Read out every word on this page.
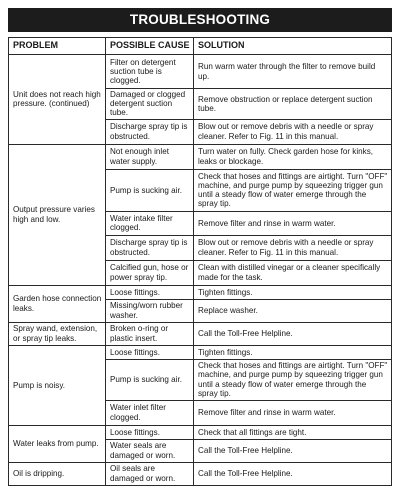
TROUBLESHOOTING
PROBLEM	POSSIBLE CAUSE	SOLUTION
Unit does not reach high pressure. (continued)	Filter on detergent suction tube is clogged.	Run warm water through the filter to remove build up.
	Damaged or clogged detergent suction tube.	Remove obstruction or replace detergent suction tube.
	Discharge spray tip is obstructed.	Blow out or remove debris with a needle or spray cleaner. Refer to Fig. 11 in this manual.
Output pressure varies high and low.	Not enough inlet water supply.	Turn water on fully. Check garden hose for kinks, leaks or blockage.
	Pump is sucking air.	Check that hoses and fittings are airtight. Turn "OFF" machine, and purge pump by squeezing trigger gun until a steady flow of water emerge through the spray tip.
	Water intake filter clogged.	Remove filter and rinse in warm water.
	Discharge spray tip is obstructed.	Blow out or remove debris with a needle or spray cleaner. Refer to Fig. 11 in this manual.
	Calcified gun, hose or power spray tip.	Clean with distilled vinegar or a cleaner specifically made for the task.
Garden hose connection leaks.	Loose fittings.	Tighten fittings.
	Missing/worn rubber washer.	Replace washer.
Spray wand, extension, or spray tip leaks.	Broken o-ring or plastic insert.	Call the Toll-Free Helpline.
Pump is noisy.	Loose fittings.	Tighten fittings.
	Pump is sucking air.	Check that hoses and fittings are airtight. Turn "OFF" machine, and purge pump by squeezing trigger gun until a steady flow of water emerge through the spray tip.
	Water inlet filter clogged.	Remove filter and rinse in warm water.
Water leaks from pump.	Loose fittings.	Check that all fittings are tight.
	Water seals are damaged or worn.	Call the Toll-Free Helpline.
Oil is dripping.	Oil seals are damaged or worn.	Call the Toll-Free Helpline.
